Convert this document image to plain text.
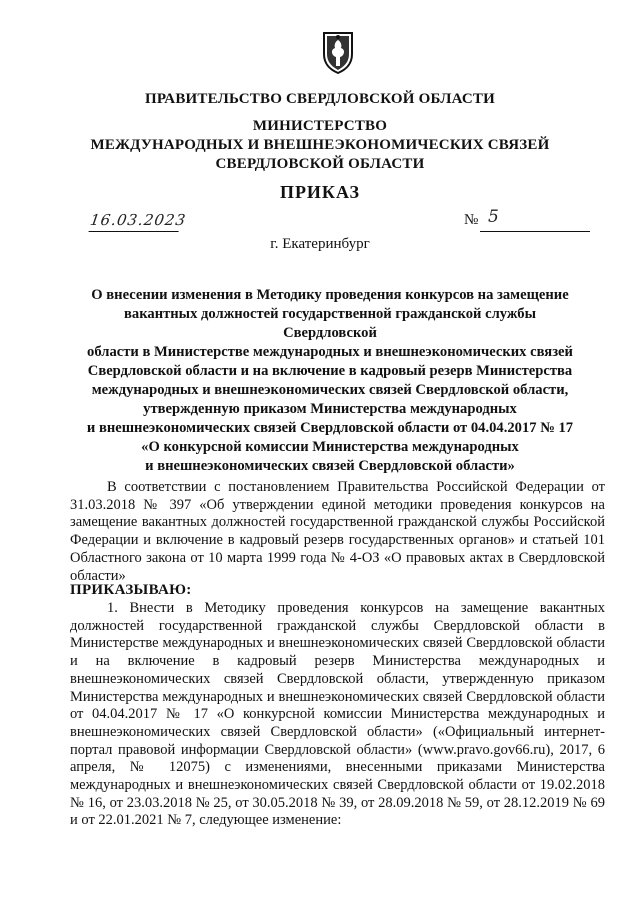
ПРАВИТЕЛЬСТВО СВЕРДЛОВСКОЙ ОБЛАСТИ
МИНИСТЕРСТВО
МЕЖДУНАРОДНЫХ И ВНЕШНЕЭКОНОМИЧЕСКИХ СВЯЗЕЙ
СВЕРДЛОВСКОЙ ОБЛАСТИ
ПРИКАЗ
16.03.2023	№ 5
г. Екатеринбург
О внесении изменения в Методику проведения конкурсов на замещение
вакантных должностей государственной гражданской службы Свердловской
области в Министерстве международных и внешнеэкономических связей
Свердловской области и на включение в кадровый резерв Министерства
международных и внешнеэкономических связей Свердловской области,
утвержденную приказом Министерства международных
и внешнеэкономических связей Свердловской области от 04.04.2017 № 17
«О конкурсной комиссии Министерства международных
и внешнеэкономических связей Свердловской области»
В соответствии с постановлением Правительства Российской Федерации от 31.03.2018 № 397 «Об утверждении единой методики проведения конкурсов на замещение вакантных должностей государственной гражданской службы Российской Федерации и включение в кадровый резерв государственных органов» и статьей 101 Областного закона от 10 марта 1999 года № 4-ОЗ «О правовых актах в Свердловской области»
ПРИКАЗЫВАЮ:
1. Внести в Методику проведения конкурсов на замещение вакантных должностей государственной гражданской службы Свердловской области в Министерстве международных и внешнеэкономических связей Свердловской области и на включение в кадровый резерв Министерства международных и внешнеэкономических связей Свердловской области, утвержденную приказом Министерства международных и внешнеэкономических связей Свердловской области от 04.04.2017 № 17 «О конкурсной комиссии Министерства международных и внешнеэкономических связей Свердловской области» («Официальный интернет-портал правовой информации Свердловской области» (www.pravo.gov66.ru), 2017, 6 апреля, № 12075) с изменениями, внесенными приказами Министерства международных и внешнеэкономических связей Свердловской области от 19.02.2018 № 16, от 23.03.2018 № 25, от 30.05.2018 № 39, от 28.09.2018 № 59, от 28.12.2019 № 69 и от 22.01.2021 № 7, следующее изменение:
